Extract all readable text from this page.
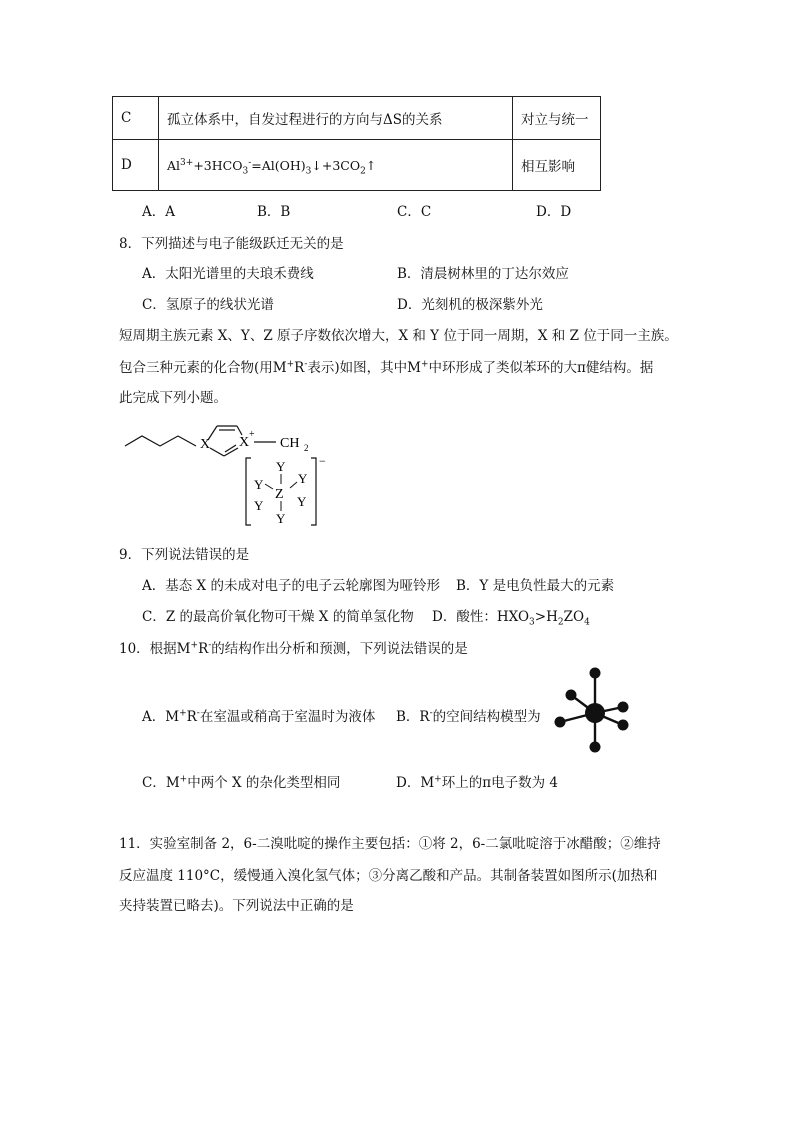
C	孤立体系中，自发过程进行的方向与ΔS的关系	对立与统一
D	$Al^{3+}+3HCO_3^-=Al(OH)_3↓+3CO_2↑$	相互影响
A．A	B．B	C．C	D．D
8．下列描述与电子能级跃迁无关的是
A．太阳光谱里的夫琅禾费线	B．清晨树林里的丁达尔效应
C．氢原子的线状光谱	D．光刻机的极深紫外光
短周期主族元素 X、Y、Z 原子序数依次增大，X 和 Y 位于同一周期，X 和 Z 位于同一主族。
包合三种元素的化合物(用M+R-表示)如图，其中M+中环形成了类似苯环的大π健结构。据
此完成下列小题。
X X
+
CH 2
−
Y
Y	Y
Z Y
Y
Y
9．下列说法错误的是
A．基态 X 的未成对电子的电子云轮廓图为哑铃形 B．Y 是电负性最大的元素
C．Z 的最高价氧化物可干燥 X 的简单氢化物 D．酸性：$HXO_3>H_2ZO_4$
10．根据M+R-的结构作出分析和预测，下列说法错误的是
A．M+R-在室温或稍高于室温时为液体 B．R-的空间结构模型为
C．M+中两个 X 的杂化类型相同	D．M+环上的π电子数为 4
11．实验室制备 2，6-二溴吡啶的操作主要包括：①将 2，6-二氯吡啶溶于冰醋酸；②维持
反应温度 110°C，缓慢通入溴化氢气体；③分离乙酸和产品。其制备装置如图所示(加热和
夹持装置已略去)。下列说法中正确的是
